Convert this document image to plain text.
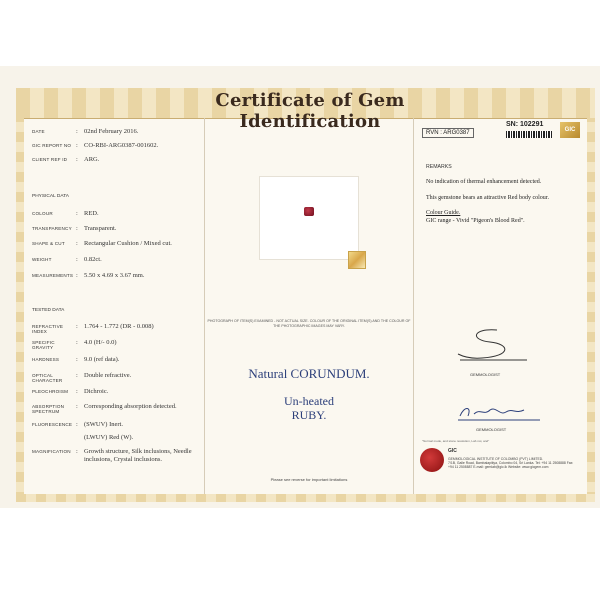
Certificate of Gem Identification
DATE	: 02nd February 2016.
GIC REPORT NO : CO-RBI-ARG0387-001602.
CLIENT REF ID	: ARG.
PHYSICAL DATA
COLOUR	: RED.
TRANSPARENCY : Transparent.
SHAPE & CUT	: Rectangular Cushion / Mixed cut.
WEIGHT	: 0.82ct.
MEASUREMENTS : 5.50 x 4.69 x 3.67 mm.
TESTED DATA
REFRACTIVE INDEX
: 1.764 - 1.772 (DR - 0.008)
SPECIFIC GRAVITY
: 4.0 (H/- 0.0)
HARDNESS	: 9.0 (ref data).
OPTICAL CHARACTER
: Double refractive.
PLEOCHROISM	: Dichroic.
ABSORPTION SPECTRUM
: Corresponding absorption detected.
FLUORESCENCE : (SWUV) Inert.
(LWUV) Red (W).
MAGNIFICATION : Growth structure, Silk inclusions, Needle inclusions, Crystal inclusions.
PHOTOGRAPH OF ITEM(S) EXAMINED - NOT ACTUAL SIZE. COLOUR OF THE ORIGINAL ITEM(S) AND THE COLOUR OF THE PHOTOGRAPHIC IMAGES MAY VARY.
Natural CORUNDUM.
Un-heated
RUBY.
Please see reverse for important limitations
RVN : ARG0387
SN: 102291
GIC
REMARKS
No indication of thermal enhancement detected.
This gemstone bears an attractive Red body colour.
Colour Guide.
GIC range - Vivid "Pigeon's Blood Red".
GEMMOLOGIST
GEMMOLOGIST
"Normal mode, and stone resolution, Lab not, and"
GIC
GEMMOLOGICAL INSTITUTE OF COLOMBO (PVT) LIMITED.
7/1B, Galle Road, Bambalapitiya, Colombo 04, Sri Lanka. Tel: +94 11 2508888 Fax: +94 11 2508887 E-mail: gemlab@gic.lk Website: www.gicgem.com
